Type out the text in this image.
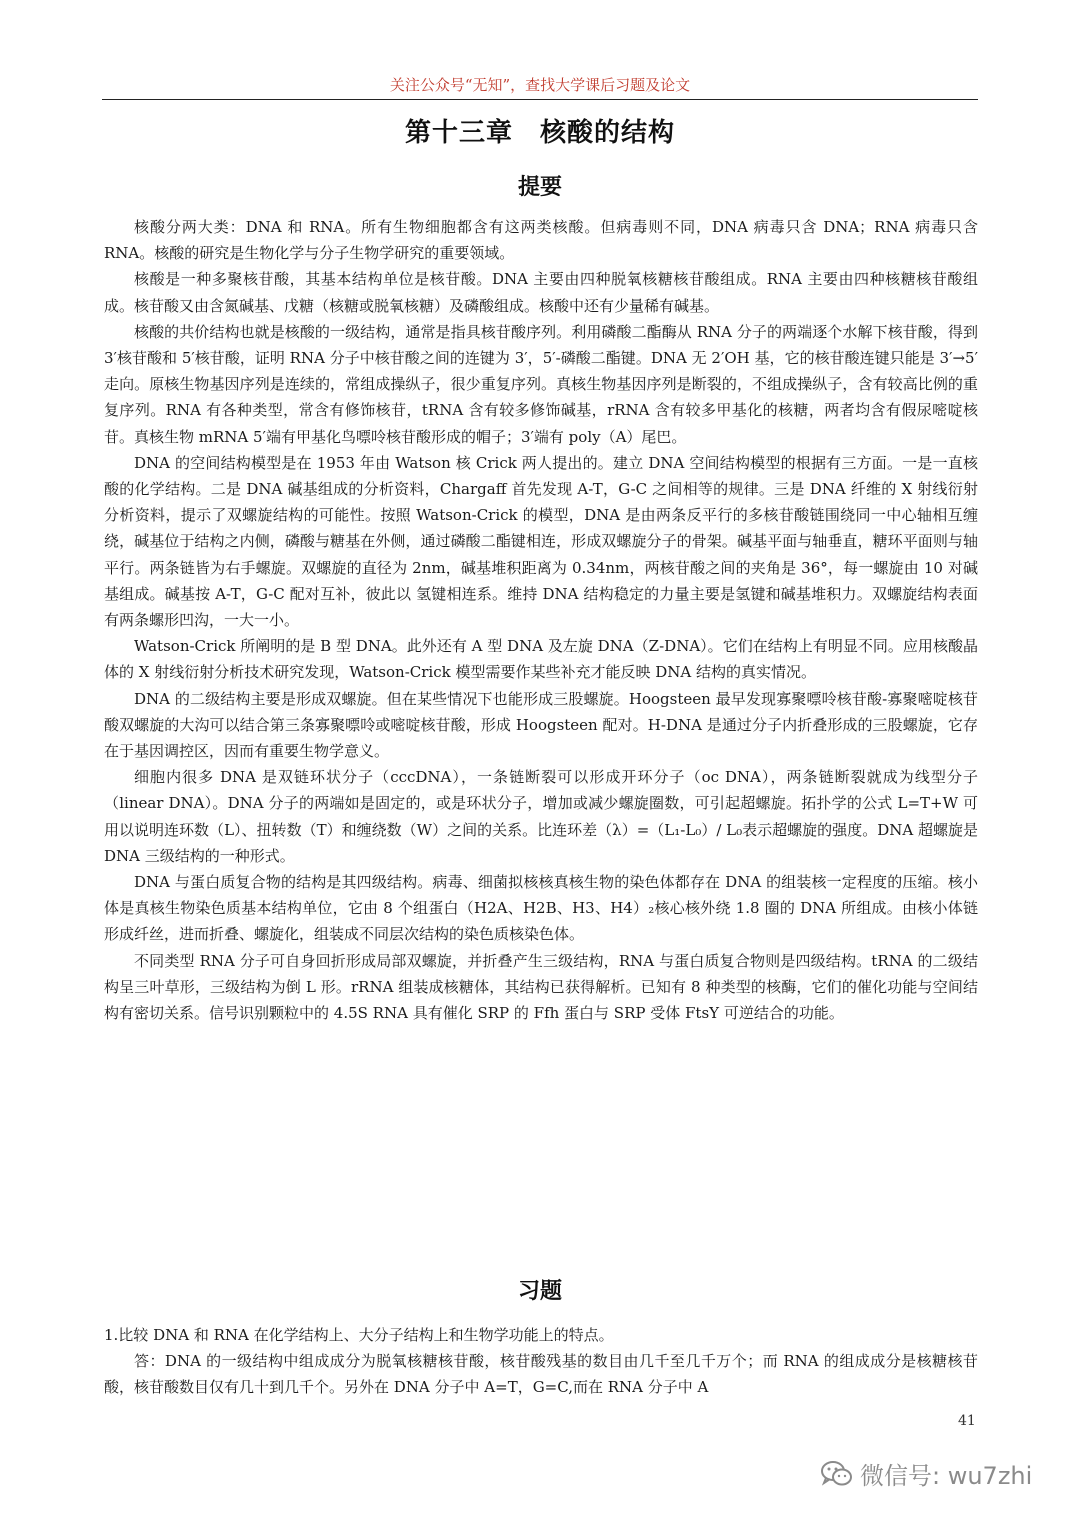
关注公众号“无知”，查找大学课后习题及论文
第十三章　核酸的结构
提要

核酸分两大类：DNA 和 RNA。所有生物细胞都含有这两类核酸。但病毒则不同，DNA 病毒只含 DNA；RNA 病毒只含 RNA。核酸的研究是生物化学与分子生物学研究的重要领域。

核酸是一种多聚核苷酸，其基本结构单位是核苷酸。DNA 主要由四种脱氧核糖核苷酸组成。RNA 主要由四种核糖核苷酸组成。核苷酸又由含氮碱基、戊糖（核糖或脱氧核糖）及磷酸组成。核酸中还有少量稀有碱基。

核酸的共价结构也就是核酸的一级结构，通常是指具核苷酸序列。利用磷酸二酯酶从 RNA 分子的两端逐个水解下核苷酸，得到 3′核苷酸和 5′核苷酸，证明 RNA 分子中核苷酸之间的连键为 3′，5′-磷酸二酯键。DNA 无 2′OH 基，它的核苷酸连键只能是 3′→5′走向。原核生物基因序列是连续的，常组成操纵子，很少重复序列。真核生物基因序列是断裂的，不组成操纵子，含有较高比例的重复序列。RNA 有各种类型，常含有修饰核苷，tRNA 含有较多修饰碱基，rRNA 含有较多甲基化的核糖，两者均含有假尿嘧啶核苷。真核生物 mRNA 5′端有甲基化鸟嘌呤核苷酸形成的帽子；3′端有 poly（A）尾巴。

DNA 的空间结构模型是在 1953 年由 Watson 核 Crick 两人提出的。建立 DNA 空间结构模型的根据有三方面。一是一直核酸的化学结构。二是 DNA 碱基组成的分析资料，Chargaff 首先发现 A-T，G-C 之间相等的规律。三是 DNA 纤维的 X 射线衍射分析资料，提示了双螺旋结构的可能性。按照 Watson-Crick 的模型，DNA 是由两条反平行的多核苷酸链围绕同一中心轴相互缠绕，碱基位于结构之内侧，磷酸与糖基在外侧，通过磷酸二酯键相连，形成双螺旋分子的骨架。碱基平面与轴垂直，糖环平面则与轴平行。两条链皆为右手螺旋。双螺旋的直径为 2nm，碱基堆积距离为 0.34nm，两核苷酸之间的夹角是 36°，每一螺旋由 10 对碱基组成。碱基按 A-T，G-C 配对互补，彼此以 氢键相连系。维持 DNA 结构稳定的力量主要是氢键和碱基堆积力。双螺旋结构表面有两条螺形凹沟，一大一小。

Watson-Crick 所阐明的是 B 型 DNA。此外还有 A 型 DNA 及左旋 DNA（Z-DNA）。它们在结构上有明显不同。应用核酸晶体的 X 射线衍射分析技术研究发现，Watson-Crick 模型需要作某些补充才能反映 DNA 结构的真实情况。

DNA 的二级结构主要是形成双螺旋。但在某些情况下也能形成三股螺旋。Hoogsteen 最早发现寡聚嘌呤核苷酸-寡聚嘧啶核苷酸双螺旋的大沟可以结合第三条寡聚嘌呤或嘧啶核苷酸，形成 Hoogsteen 配对。H-DNA 是通过分子内折叠形成的三股螺旋，它存在于基因调控区，因而有重要生物学意义。

细胞内很多 DNA 是双链环状分子（cccDNA），一条链断裂可以形成开环分子（oc DNA），两条链断裂就成为线型分子（linear DNA）。DNA 分子的两端如是固定的，或是环状分子，增加或减少螺旋圈数，可引起超螺旋。拓扑学的公式 L=T+W 可用以说明连环数（L）、扭转数（T）和缠绕数（W）之间的关系。比连环差（λ）=（L₁-L₀）/ L₀表示超螺旋的强度。DNA 超螺旋是 DNA 三级结构的一种形式。

DNA 与蛋白质复合物的结构是其四级结构。病毒、细菌拟核核真核生物的染色体都存在 DNA 的组装核一定程度的压缩。核小体是真核生物染色质基本结构单位，它由 8 个组蛋白（H2A、H2B、H3、H4）₂核心核外绕 1.8 圈的 DNA 所组成。由核小体链形成纤丝，进而折叠、螺旋化，组装成不同层次结构的染色质核染色体。

不同类型 RNA 分子可自身回折形成局部双螺旋，并折叠产生三级结构，RNA 与蛋白质复合物则是四级结构。tRNA 的二级结构呈三叶草形，三级结构为倒 L 形。rRNA 组装成核糖体，其结构已获得解析。已知有 8 种类型的核酶，它们的催化功能与空间结构有密切关系。信号识别颗粒中的 4.5S RNA 具有催化 SRP 的 Ffh 蛋白与 SRP 受体 FtsY 可逆结合的功能。

习题

1.比较 DNA 和 RNA 在化学结构上、大分子结构上和生物学功能上的特点。

答：DNA 的一级结构中组成成分为脱氧核糖核苷酸，核苷酸残基的数目由几千至几千万个；而 RNA 的组成成分是核糖核苷酸，核苷酸数目仅有几十到几千个。另外在 DNA 分子中 A=T，G=C,而在 RNA 分子中 A

41
微信号: wu7zhi
